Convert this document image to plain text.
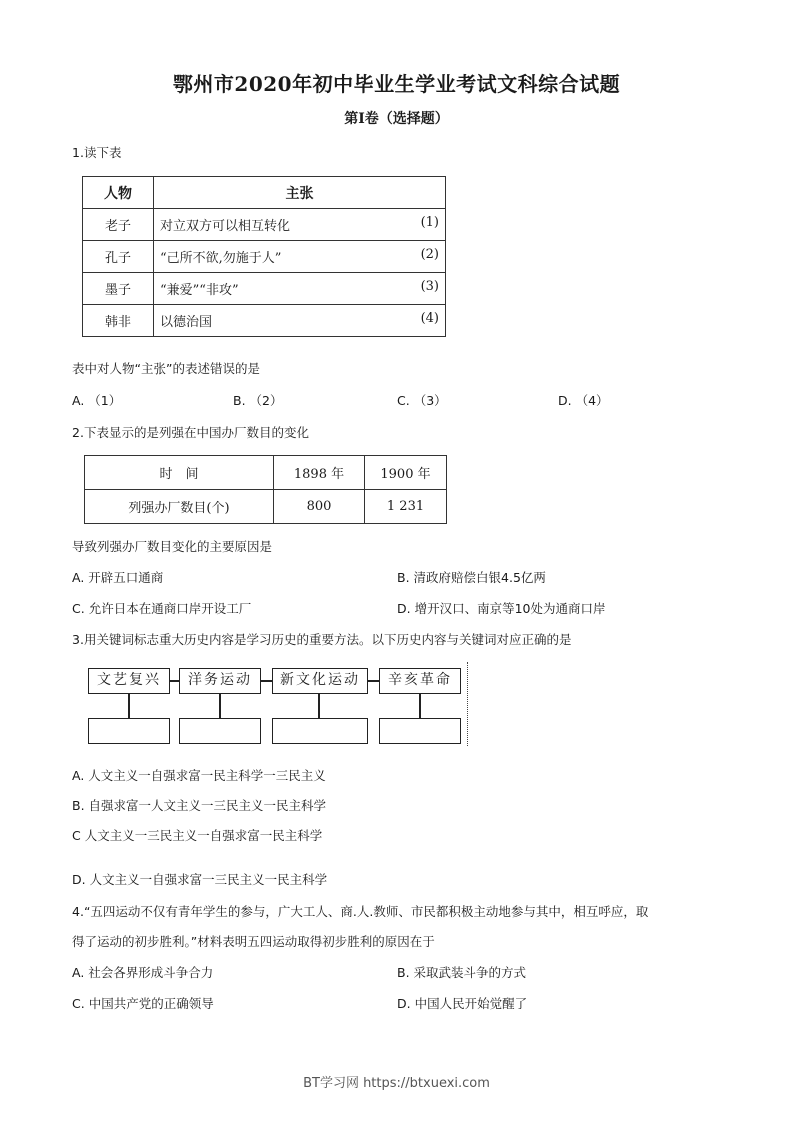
鄂州市2020年初中毕业生学业考试文科综合试题
第I卷（选择题）
1.读下表
人物	主张
老子	对立双方可以相互转化 (1)

孔子	“己所不欲,勿施于人” (2)

墨子	“兼爱”“非攻” (3)

韩非	以德治国 (4)
表中对人物“主张”的表述错误的是
A. （1）	B. （2）	C. （3）	D. （4）
2.下表显示的是列强在中国办厂数目的变化
时　间	1898 年	1900 年
列强办厂数目(个)	800	1 231
导致列强办厂数目变化的主要原因是
A. 开辟五口通商	B. 清政府赔偿白银4.5亿两
C. 允许日本在通商口岸开设工厂	D. 增开汉口、南京等10处为通商口岸
3.用关键词标志重大历史内容是学习历史的重要方法。以下历史内容与关键词对应正确的是
文艺复兴	洋务运动	新文化运动	辛亥革命
A. 人文主义一自强求富一民主科学一三民主义
B. 自强求富一人文主义一三民主义一民主科学
C 人文主义一三民主义一自强求富一民主科学
D. 人文主义一自强求富一三民主义一民主科学
4.“五四运动不仅有青年学生的参与，广大工人、商.人.教师、市民都积极主动地参与其中，相互呼应，取
得了运动的初步胜利。”材料表明五四运动取得初步胜利的原因在于
A. 社会各界形成斗争合力	B. 采取武装斗争的方式
C. 中国共产党的正确领导	D. 中国人民开始觉醒了
BT学习网 https://btxuexi.com
